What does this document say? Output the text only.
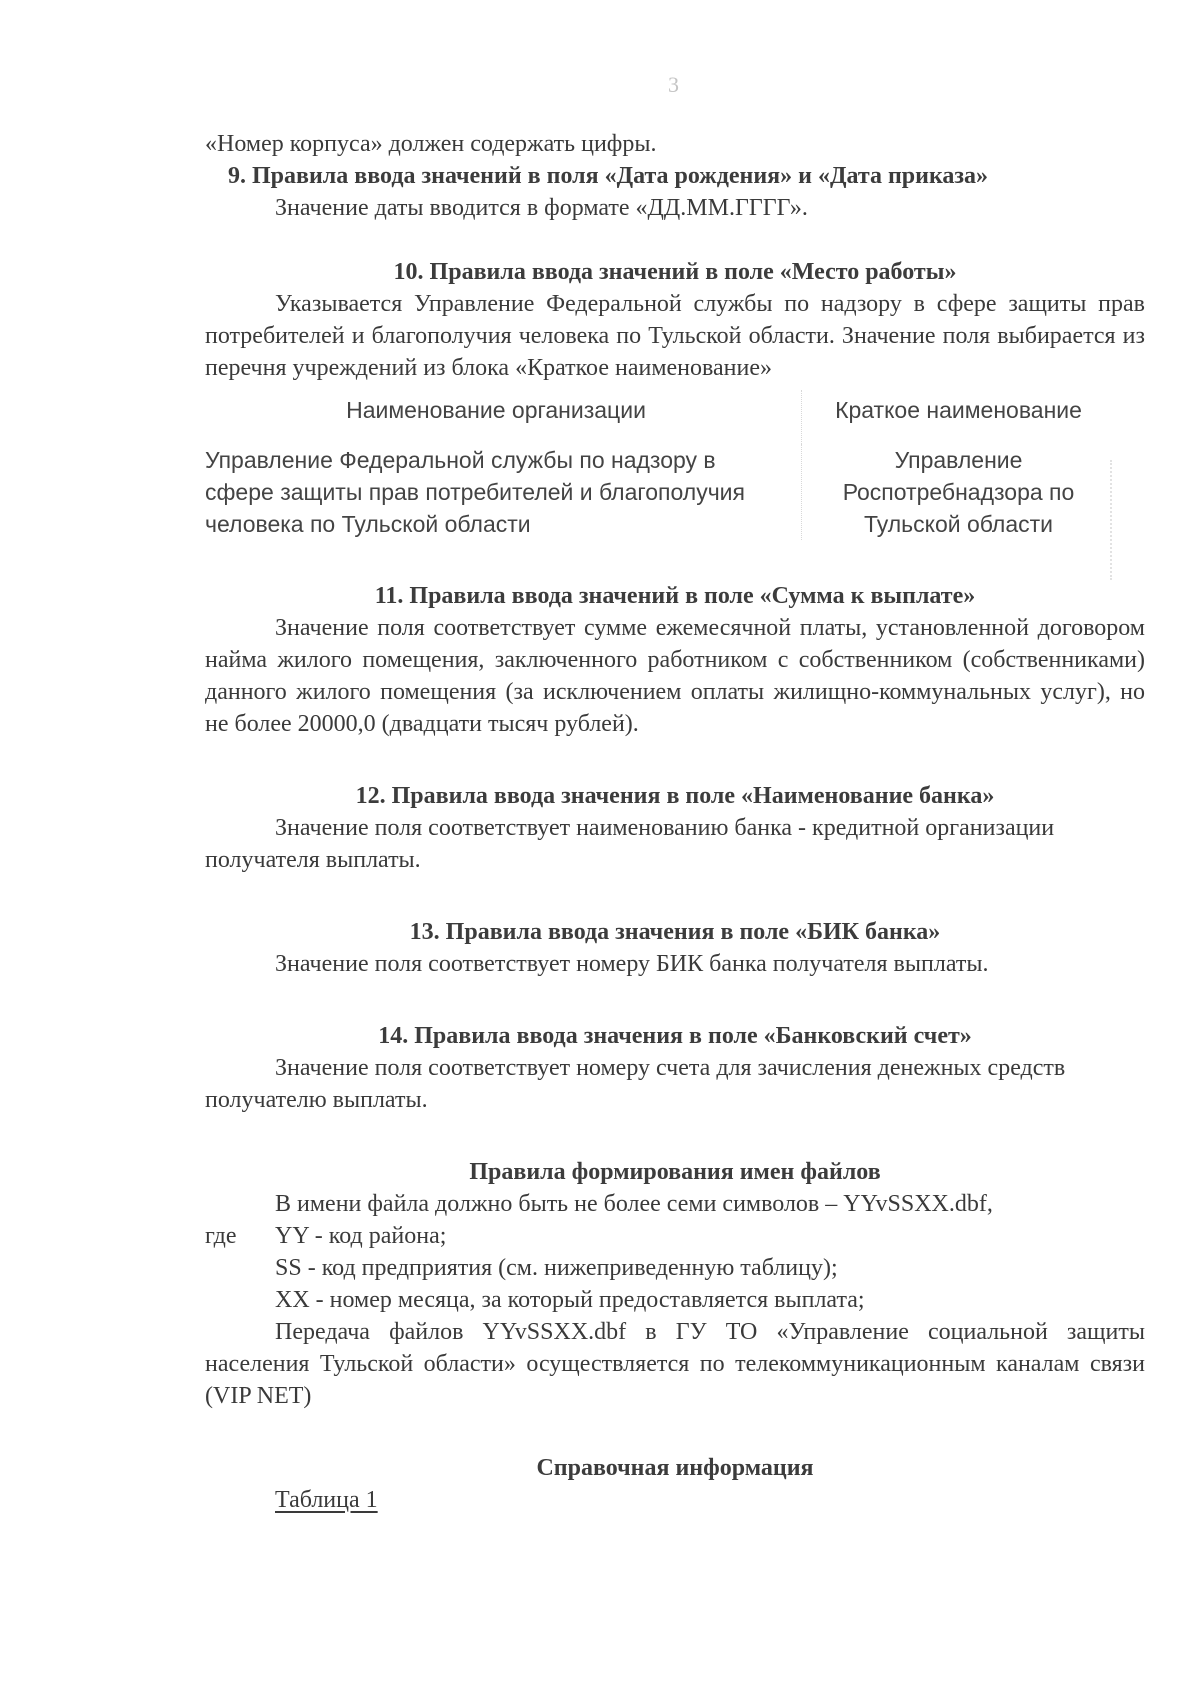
3

«Номер корпуса» должен содержать цифры.

9. Правила ввода значений в поля «Дата рождения» и «Дата приказа»

Значение даты вводится в формате «ДД.ММ.ГГГГ».

10. Правила ввода значений в поле «Место работы»

Указывается Управление Федеральной службы по надзору в сфере защиты прав потребителей и благополучия человека по Тульской области. Значение поля выбирается из перечня учреждений из блока «Краткое наименование»

Наименование организации	Краткое наименование
Управление Федеральной службы по надзору в сфере защиты прав потребителей и благополучия человека по Тульской области	Управление Роспотребнадзора по Тульской области

11. Правила ввода значений в поле «Сумма к выплате»

Значение поля соответствует сумме ежемесячной платы, установленной договором найма жилого помещения, заключенного работником с собственником (собственниками) данного жилого помещения (за исключением оплаты жилищно-коммунальных услуг), но не более 20000,0 (двадцати тысяч рублей).

12. Правила ввода значения в поле «Наименование банка»

Значение поля соответствует наименованию банка - кредитной организации получателя выплаты.

13. Правила ввода значения в поле «БИК банка»

Значение поля соответствует номеру БИК банка получателя выплаты.

14. Правила ввода значения в поле «Банковский счет»

Значение поля соответствует номеру счета для зачисления денежных средств получателю выплаты.

Правила формирования имен файлов

В имени файла должно быть не более семи символов – YYvSSXX.dbf,

где YY - код района;

SS - код предприятия (см. нижеприведенную таблицу);

XX - номер месяца, за который предоставляется выплата;

Передача файлов YYvSSXX.dbf в ГУ ТО «Управление социальной защиты населения Тульской области» осуществляется по телекоммуникационным каналам связи (VIP NET)

Справочная информация

Таблица 1
